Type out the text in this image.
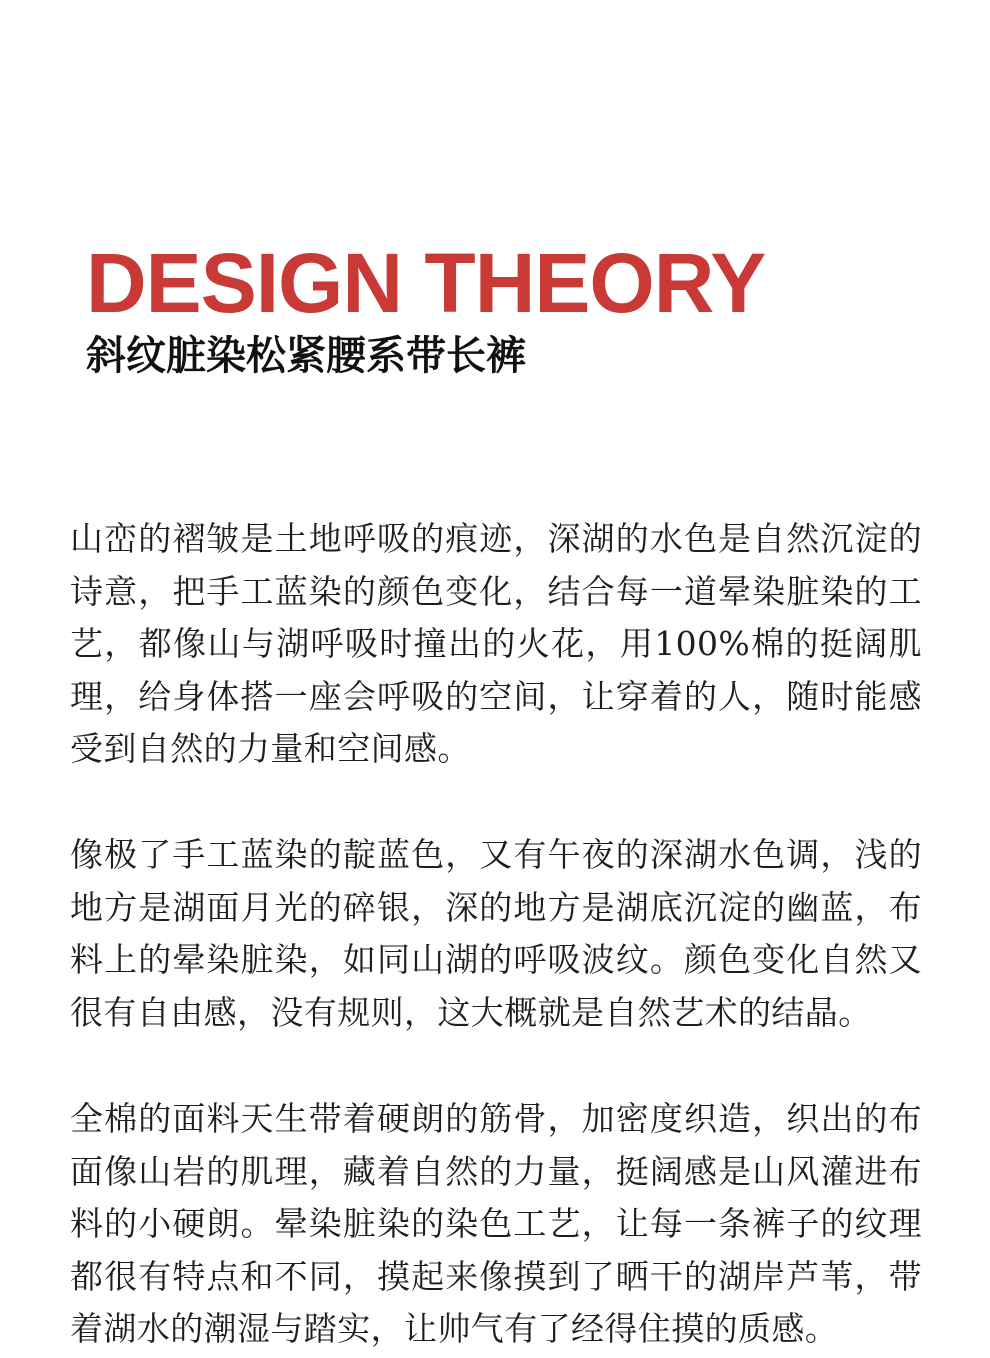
DESIGN THEORY
斜纹脏染松紧腰系带长裤

山峦的褶皱是土地呼吸的痕迹，深湖的水色是自然沉淀的诗意，把手工蓝染的颜色变化，结合每一道晕染脏染的工艺，都像山与湖呼吸时撞出的火花，用100%棉的挺阔肌理，给身体搭一座会呼吸的空间，让穿着的人，随时能感受到自然的力量和空间感。

像极了手工蓝染的靛蓝色，又有午夜的深湖水色调，浅的地方是湖面月光的碎银，深的地方是湖底沉淀的幽蓝，布料上的晕染脏染，如同山湖的呼吸波纹。颜色变化自然又很有自由感，没有规则，这大概就是自然艺术的结晶。

全棉的面料天生带着硬朗的筋骨，加密度织造，织出的布面像山岩的肌理，藏着自然的力量，挺阔感是山风灌进布料的小硬朗。晕染脏染的染色工艺，让每一条裤子的纹理都很有特点和不同，摸起来像摸到了晒干的湖岸芦苇，带着湖水的潮湿与踏实，让帅气有了经得住摸的质感。
